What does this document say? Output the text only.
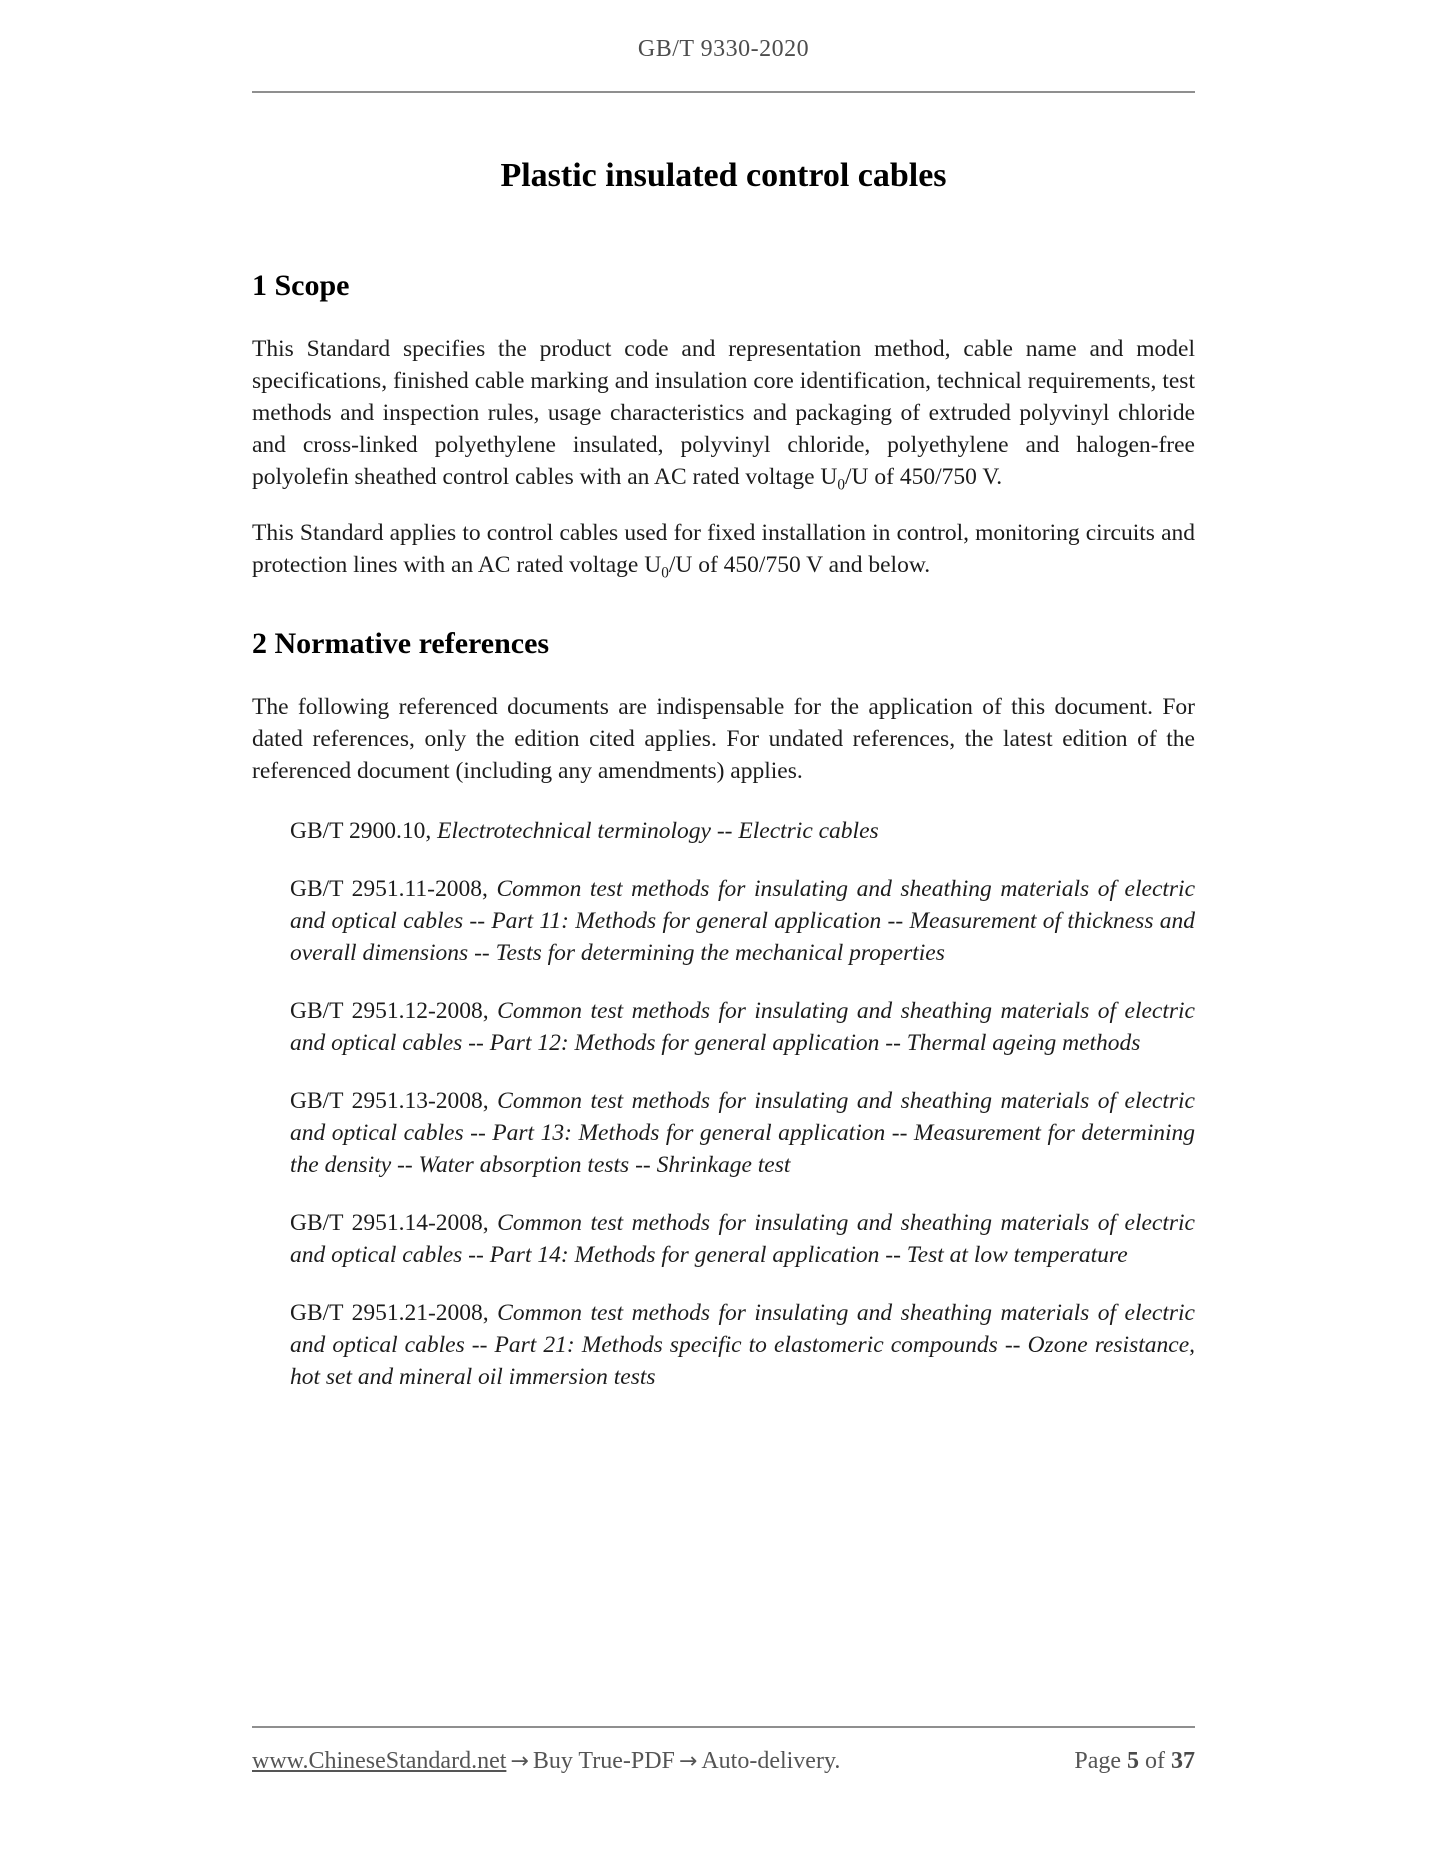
GB/T 9330-2020
Plastic insulated control cables
1 Scope

This Standard specifies the product code and representation method, cable name and model specifications, finished cable marking and insulation core identification, technical requirements, test methods and inspection rules, usage characteristics and packaging of extruded polyvinyl chloride and cross-linked polyethylene insulated, polyvinyl chloride, polyethylene and halogen-free polyolefin sheathed control cables with an AC rated voltage $U_0/U$ of 450/750 V.

This Standard applies to control cables used for fixed installation in control, monitoring circuits and protection lines with an AC rated voltage $U_0/U$ of 450/750 V and below.

2 Normative references

The following referenced documents are indispensable for the application of this document. For dated references, only the edition cited applies. For undated references, the latest edition of the referenced document (including any amendments) applies.

GB/T 2900.10, Electrotechnical terminology -- Electric cables

GB/T 2951.11-2008, Common test methods for insulating and sheathing materials of electric and optical cables -- Part 11: Methods for general application -- Measurement of thickness and overall dimensions -- Tests for determining the mechanical properties

GB/T 2951.12-2008, Common test methods for insulating and sheathing materials of electric and optical cables -- Part 12: Methods for general application -- Thermal ageing methods

GB/T 2951.13-2008, Common test methods for insulating and sheathing materials of electric and optical cables -- Part 13: Methods for general application -- Measurement for determining the density -- Water absorption tests -- Shrinkage test

GB/T 2951.14-2008, Common test methods for insulating and sheathing materials of electric and optical cables -- Part 14: Methods for general application -- Test at low temperature

GB/T 2951.21-2008, Common test methods for insulating and sheathing materials of electric and optical cables -- Part 21: Methods specific to elastomeric compounds -- Ozone resistance, hot set and mineral oil immersion tests

www.ChineseStandard.net → Buy True-PDF → Auto-delivery.	Page 5 of 37
